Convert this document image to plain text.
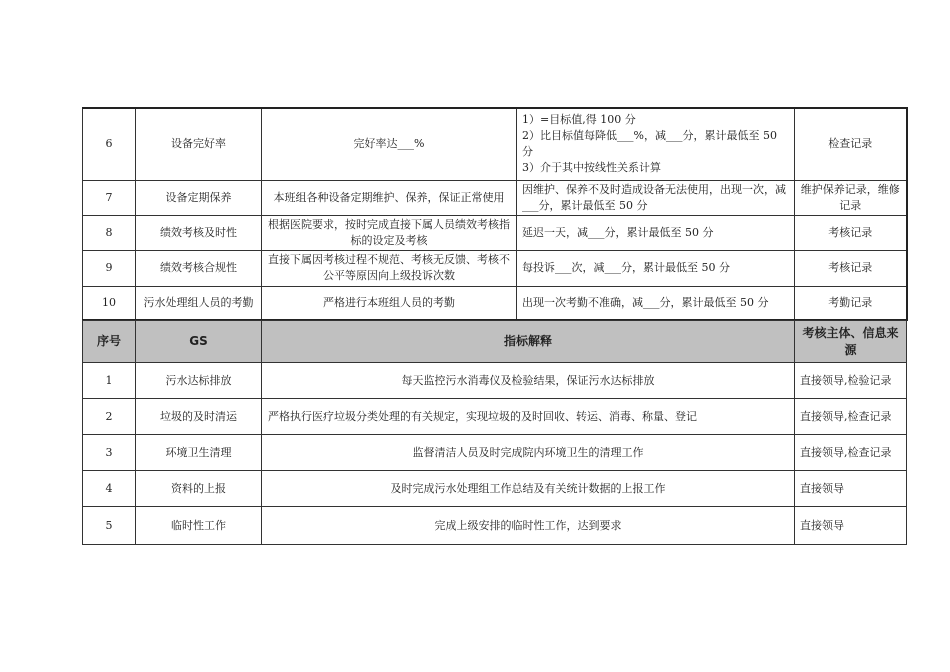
6	设备完好率	完好率达___%	1）=目标值,得 100 分
2）比目标值每降低___%，减___分，累计最低至 50 分
3）介于其中按线性关系计算	检查记录
7	设备定期保养	本班组各种设备定期维护、保养，保证正常使用	因维护、保养不及时造成设备无法使用，出现一次，减___分，累计最低至 50 分	维护保养记录，维修记录
8	绩效考核及时性	根据医院要求，按时完成直接下属人员绩效考核指标的设定及考核	延迟一天，减___分，累计最低至 50 分	考核记录
9	绩效考核合规性	直接下属因考核过程不规范、考核无反馈、考核不公平等原因向上级投诉次数	每投诉___次，减___分，累计最低至 50 分	考核记录
10	污水处理组人员的考勤	严格进行本班组人员的考勤	出现一次考勤不准确，减___分，累计最低至 50 分	考勤记录
序号	GS	指标解释	考核主体、信息来源
1	污水达标排放	每天监控污水消毒仪及检验结果，保证污水达标排放	直接领导,检验记录
2	垃圾的及时清运	严格执行医疗垃圾分类处理的有关规定，实现垃圾的及时回收、转运、消毒、称量、登记	直接领导,检查记录
3	环境卫生清理	监督清洁人员及时完成院内环境卫生的清理工作	直接领导,检查记录
4	资料的上报	及时完成污水处理组工作总结及有关统计数据的上报工作	直接领导
5	临时性工作	完成上级安排的临时性工作，达到要求	直接领导
